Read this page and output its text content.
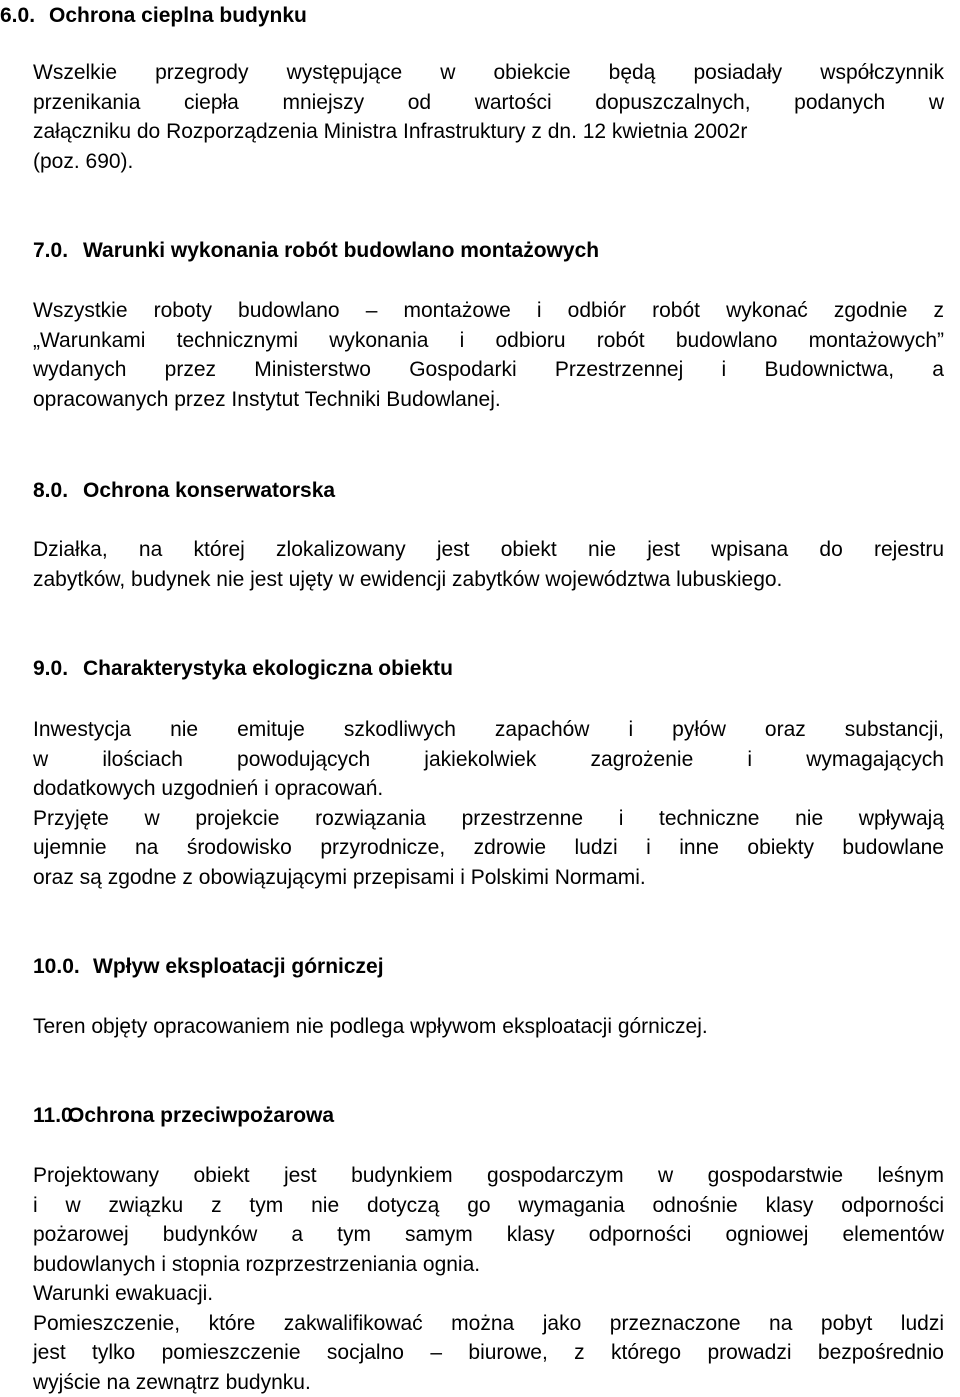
6.0. Ochrona cieplna budynku
Wszelkie przegrody występujące w obiekcie będą posiadały współczynnik
przenikania ciepła mniejszy od wartości dopuszczalnych, podanych w
załączniku do Rozporządzenia Ministra Infrastruktury z dn. 12 kwietnia 2002r
(poz. 690).
7.0. Warunki wykonania robót budowlano montażowych
Wszystkie roboty budowlano – montażowe i odbiór robót wykonać zgodnie z
„Warunkami technicznymi wykonania i odbioru robót budowlano montażowych”
wydanych przez Ministerstwo Gospodarki Przestrzennej i Budownictwa, a
opracowanych przez Instytut Techniki Budowlanej.
8.0. Ochrona konserwatorska
Działka, na której zlokalizowany jest obiekt nie jest wpisana do rejestru
zabytków, budynek nie jest ujęty w ewidencji zabytków województwa lubuskiego.
9.0. Charakterystyka ekologiczna obiektu
Inwestycja nie emituje szkodliwych zapachów i pyłów oraz substancji,
w ilościach powodujących jakiekolwiek zagrożenie i wymagających
dodatkowych uzgodnień i opracowań.
Przyjęte w projekcie rozwiązania przestrzenne i techniczne nie wpływają
ujemnie na środowisko przyrodnicze, zdrowie ludzi i inne obiekty budowlane
oraz są zgodne z obowiązującymi przepisami i Polskimi Normami.
10.0. Wpływ eksploatacji górniczej
Teren objęty opracowaniem nie podlega wpływom eksploatacji górniczej.
11.0.Ochrona przeciwpożarowa
Projektowany obiekt jest budynkiem gospodarczym w gospodarstwie leśnym
i w związku z tym nie dotyczą go wymagania odnośnie klasy odporności
pożarowej budynków a tym samym klasy odporności ogniowej elementów
budowlanych i stopnia rozprzestrzeniania ognia.
Warunki ewakuacji.
Pomieszczenie, które zakwalifikować można jako przeznaczone na pobyt ludzi
jest tylko pomieszczenie socjalno – biurowe, z którego prowadzi bezpośrednio
wyjście na zewnątrz budynku.
